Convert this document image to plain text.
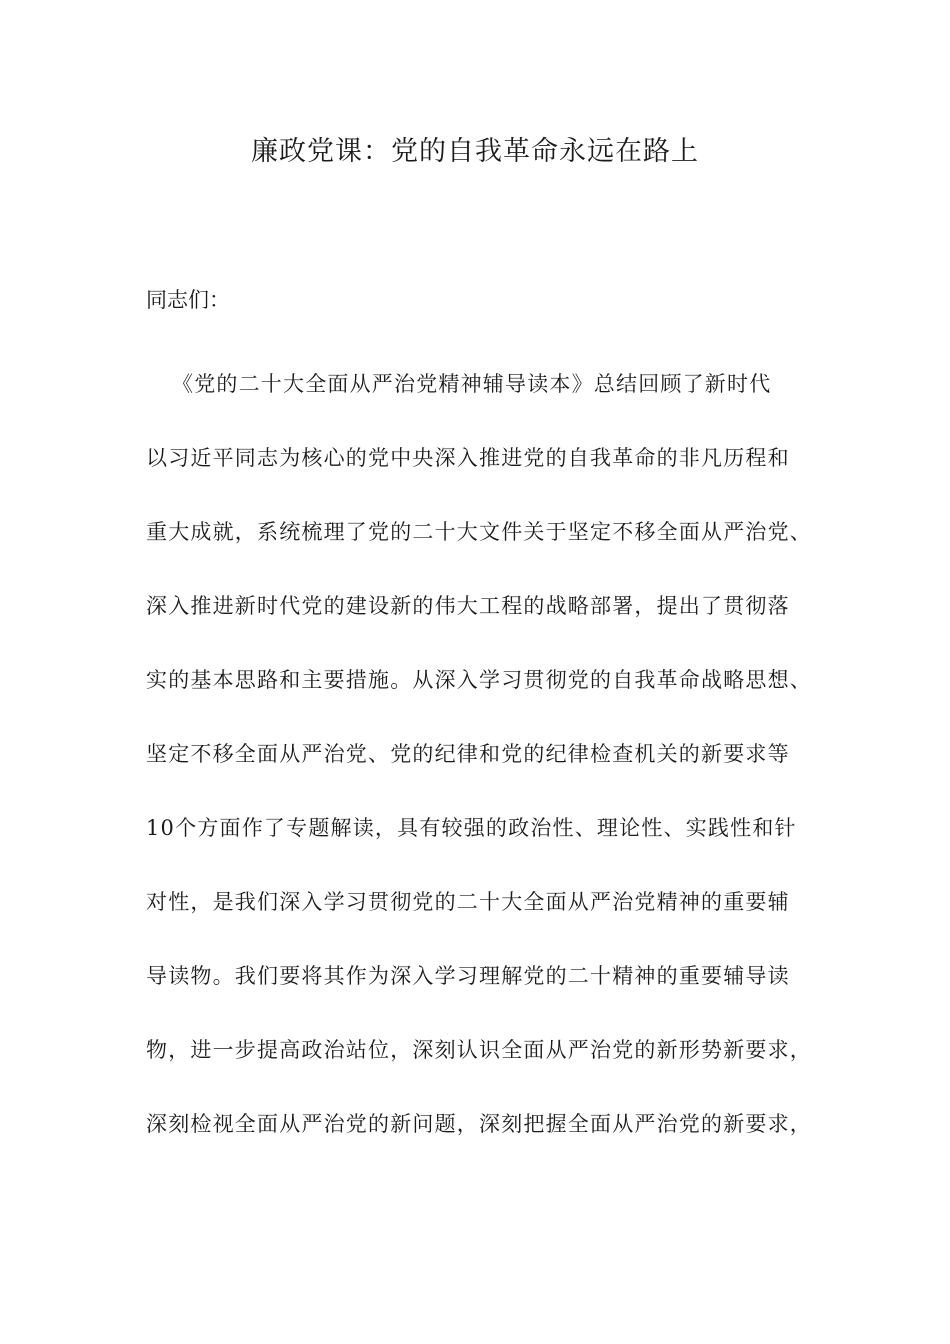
廉政党课：党的自我革命永远在路上
同志们：
《党的二十大全面从严治党精神辅导读本》总结回顾了新时代
以习近平同志为核心的党中央深入推进党的自我革命的非凡历程和
重大成就，系统梳理了党的二十大文件关于坚定不移全面从严治党、
深入推进新时代党的建设新的伟大工程的战略部署，提出了贯彻落
实的基本思路和主要措施。从深入学习贯彻党的自我革命战略思想、
坚定不移全面从严治党、党的纪律和党的纪律检查机关的新要求等
10个方面作了专题解读，具有较强的政治性、理论性、实践性和针
对性，是我们深入学习贯彻党的二十大全面从严治党精神的重要辅
导读物。我们要将其作为深入学习理解党的二十精神的重要辅导读
物，进一步提高政治站位，深刻认识全面从严治党的新形势新要求，
深刻检视全面从严治党的新问题，深刻把握全面从严治党的新要求，
